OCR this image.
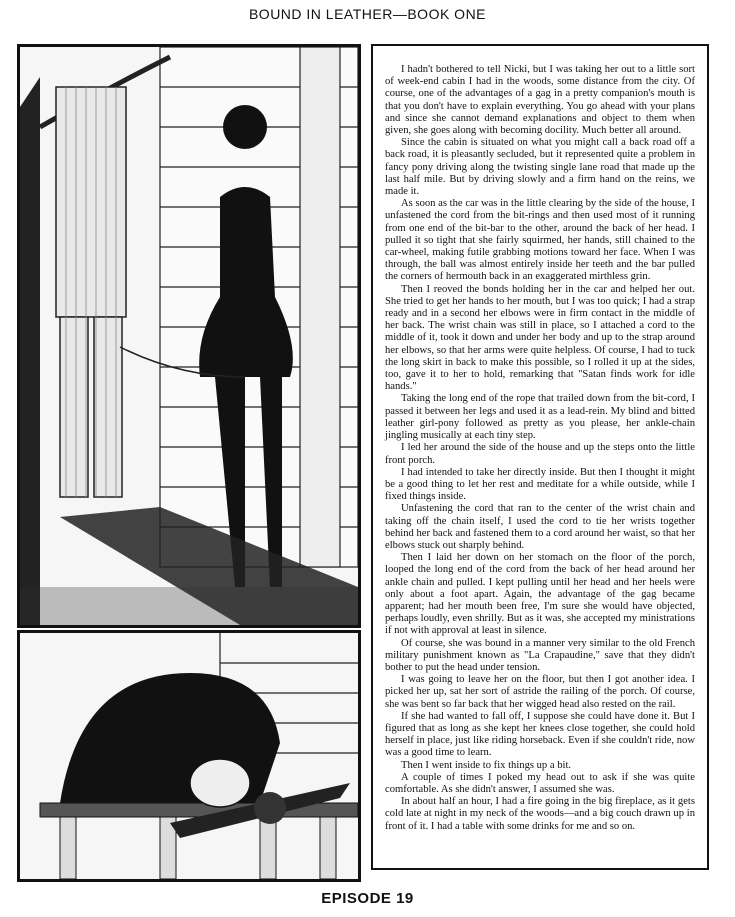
BOUND IN LEATHER—BOOK ONE

I hadn't bothered to tell Nicki, but I was taking her out to a little sort of week-end cabin I had in the woods, some distance from the city. Of course, one of the advantages of a gag in a pretty companion's mouth is that you don't have to explain everything. You go ahead with your plans and since she cannot demand explanations and object to them when given, she goes along with becoming docility. Much better all around.

Since the cabin is situated on what you might call a back road off a back road, it is pleasantly secluded, but it represented quite a problem in fancy pony driving along the twisting single lane road that made up the last half mile. But by driving slowly and a firm hand on the reins, we made it.

As soon as the car was in the little clearing by the side of the house, I unfastened the cord from the bit-rings and then used most of it running from one end of the bit-bar to the other, around the back of her head. I pulled it so tight that she fairly squirmed, her hands, still chained to the car-wheel, making futile grabbing motions toward her face. When I was through, the ball was almost entirely inside her teeth and the bar pulled the corners of hermouth back in an exaggerated mirthless grin.

Then I reoved the bonds holding her in the car and helped her out. She tried to get her hands to her mouth, but I was too quick; I had a strap ready and in a second her elbows were in firm contact in the middle of her back. The wrist chain was still in place, so I attached a cord to the middle of it, took it down and under her body and up to the strap around her elbows, so that her arms were quite helpless. Of course, I had to tuck the long skirt in back to make this possible, so I rolled it up at the sides, too, gave it to her to hold, remarking that "Satan finds work for idle hands."

Taking the long end of the rope that trailed down from the bit-cord, I passed it between her legs and used it as a lead-rein. My blind and bitted leather girl-pony followed as pretty as you please, her ankle-chain jingling musically at each tiny step.

I led her around the side of the house and up the steps onto the little front porch.

I had intended to take her directly inside. But then I thought it might be a good thing to let her rest and meditate for a while outside, while I fixed things inside.

Unfastening the cord that ran to the center of the wrist chain and taking off the chain itself, I used the cord to tie her wrists together behind her back and fastened them to a cord around her waist, so that her elbows stuck out sharply behind.

Then I laid her down on her stomach on the floor of the porch, looped the long end of the cord from the back of her head around her ankle chain and pulled. I kept pulling until her head and her heels were only about a foot apart. Again, the advantage of the gag became apparent; had her mouth been free, I'm sure she would have objected, perhaps loudly, even shrilly. But as it was, she accepted my ministrations if not with approval at least in silence.

Of course, she was bound in a manner very similar to the old French military punishment known as "La Crapaudine," save that they didn't bother to put the head under tension.

I was going to leave her on the floor, but then I got another idea. I picked her up, sat her sort of astride the railing of the porch. Of course, she was bent so far back that her wigged head also rested on the rail.

If she had wanted to fall off, I suppose she could have done it. But I figured that as long as she kept her knees close together, she could hold herself in place, just like riding horseback. Even if she couldn't ride, now was a good time to learn.

Then I went inside to fix things up a bit.

A couple of times I poked my head out to ask if she was quite comfortable. As she didn't answer, I assumed she was.

In about half an hour, I had a fire going in the big fireplace, as it gets cold late at night in my neck of the woods—and a big couch drawn up in front of it. I had a table with some drinks for me and so on.

EPISODE 19
